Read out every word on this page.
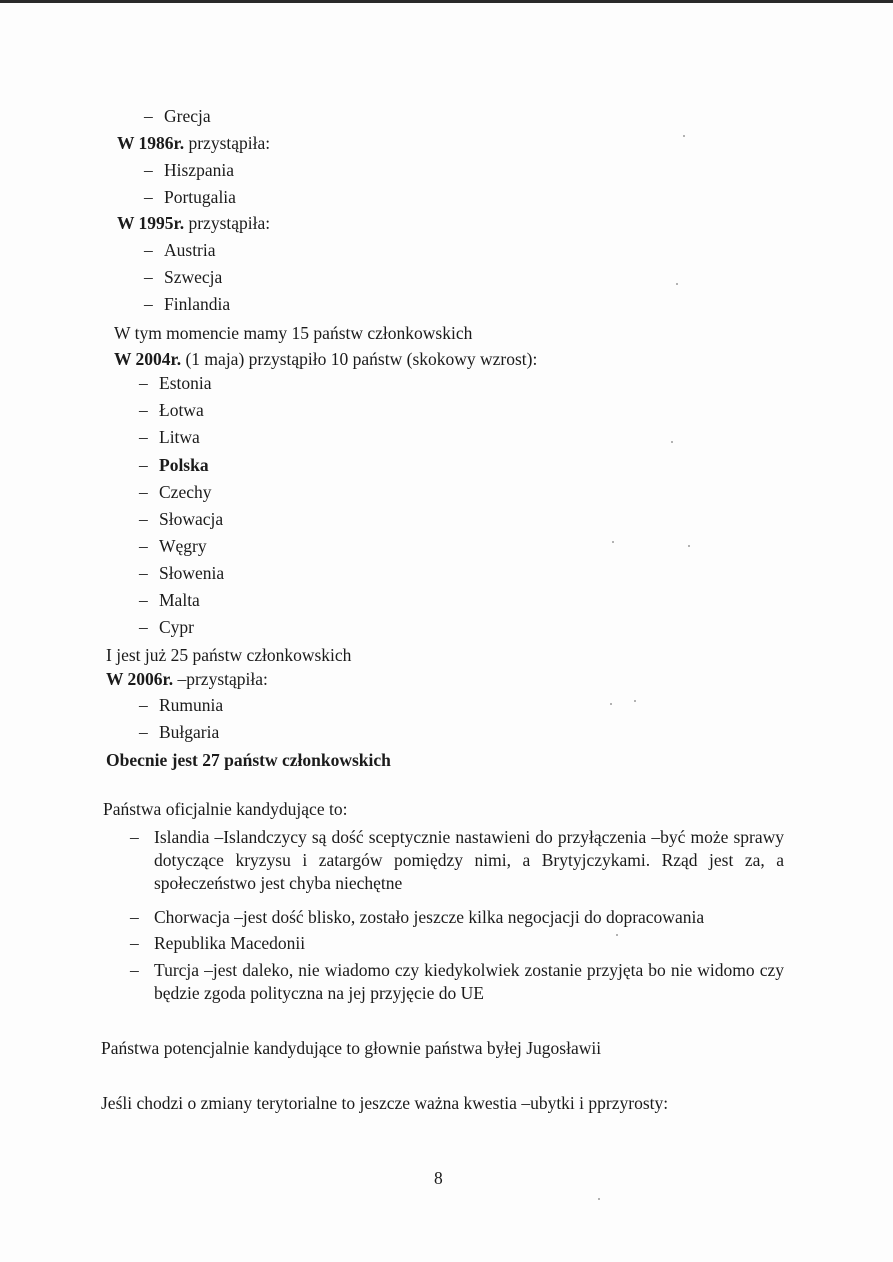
– Grecja
W 1986r. przystąpiła:
– Hiszpania
– Portugalia
W 1995r. przystąpiła:
– Austria
– Szwecja
– Finlandia
W tym momencie mamy 15 państw członkowskich
W 2004r. (1 maja) przystąpiło 10 państw (skokowy wzrost):
– Estonia
– Łotwa
– Litwa
– Polska
– Czechy
– Słowacja
– Węgry
– Słowenia
– Malta
– Cypr
I jest już 25 państw członkowskich
W 2006r. –przystąpiła:
– Rumunia
– Bułgaria
Obecnie jest 27 państw członkowskich
Państwa oficjalnie kandydujące to:
– Islandia –Islandczycy są dość sceptycznie nastawieni do przyłączenia –być może sprawy dotyczące kryzysu i zatargów pomiędzy nimi, a Brytyjczykami. Rząd jest za, a społeczeństwo jest chyba niechętne
– Chorwacja –jest dość blisko, zostało jeszcze kilka negocjacji do dopracowania
– Republika Macedonii
– Turcja –jest daleko, nie wiadomo czy kiedykolwiek zostanie przyjęta bo nie widomo czy będzie zgoda polityczna na jej przyjęcie do UE
Państwa potencjalnie kandydujące to głownie państwa byłej Jugosławii
Jeśli chodzi o zmiany terytorialne to jeszcze ważna kwestia –ubytki i pprzyrosty:
8
